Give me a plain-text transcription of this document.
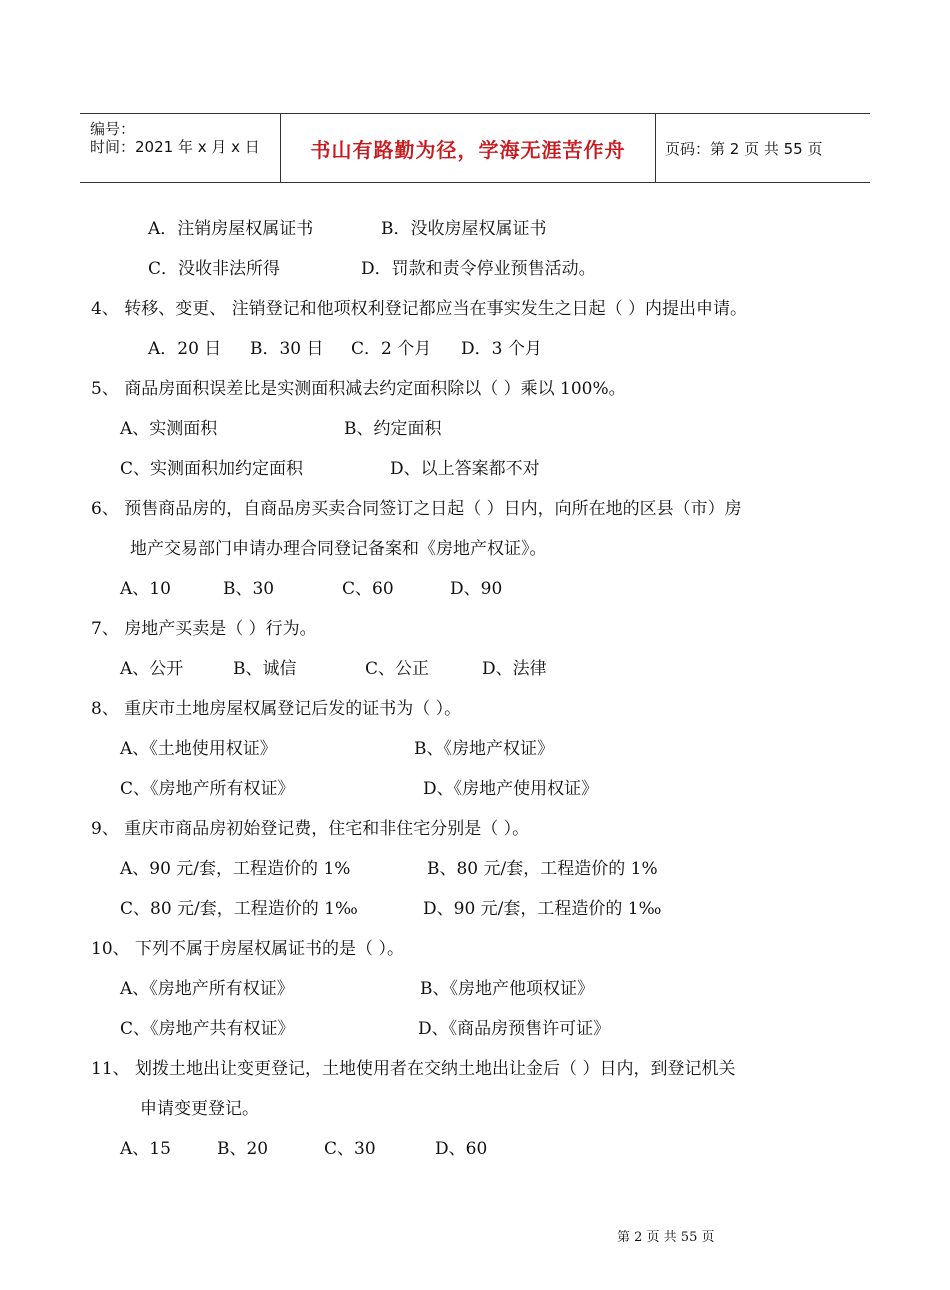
编号：
时间：2021 年 x 月 x 日	书山有路勤为径，学海无涯苦作舟	页码：第 2 页 共 55 页
A．注销房屋权属证书	B．没收房屋权属证书
C．没收非法所得	D．罚款和责令停业预售活动。
4、 转移、变更、 注销登记和他项权利登记都应当在事实发生之日起（ ）内提出申请。
A．20 日 B．30 日 C．2 个月 D．3 个月
5、 商品房面积误差比是实测面积减去约定面积除以（ ）乘以 100%。
A、实测面积	B、约定面积
C、实测面积加约定面积	D、以上答案都不对
6、 预售商品房的，自商品房买卖合同签订之日起（ ）日内，向所在地的区县（市）房
地产交易部门申请办理合同登记备案和《房地产权证》。
A、10	B、30	C、60	D、90
7、 房地产买卖是（ ）行为。
A、公开	B、诚信	C、公正	D、法律
8、 重庆市土地房屋权属登记后发的证书为（ ）。
A、《土地使用权证》	B、《房地产权证》
C、《房地产所有权证》	D、《房地产使用权证》
9、 重庆市商品房初始登记费，住宅和非住宅分别是（ ）。
A、90 元/套，工程造价的 1%	B、80 元/套，工程造价的 1%
C、80 元/套，工程造价的 1‰	D、90 元/套，工程造价的 1‰
10、 下列不属于房屋权属证书的是（ ）。
A、《房地产所有权证》	B、《房地产他项权证》
C、《房地产共有权证》	D、《商品房预售许可证》
11、 划拨土地出让变更登记，土地使用者在交纳土地出让金后（ ）日内，到登记机关
申请变更登记。
A、15	B、20	C、30	D、60
第 2 页 共 55 页
